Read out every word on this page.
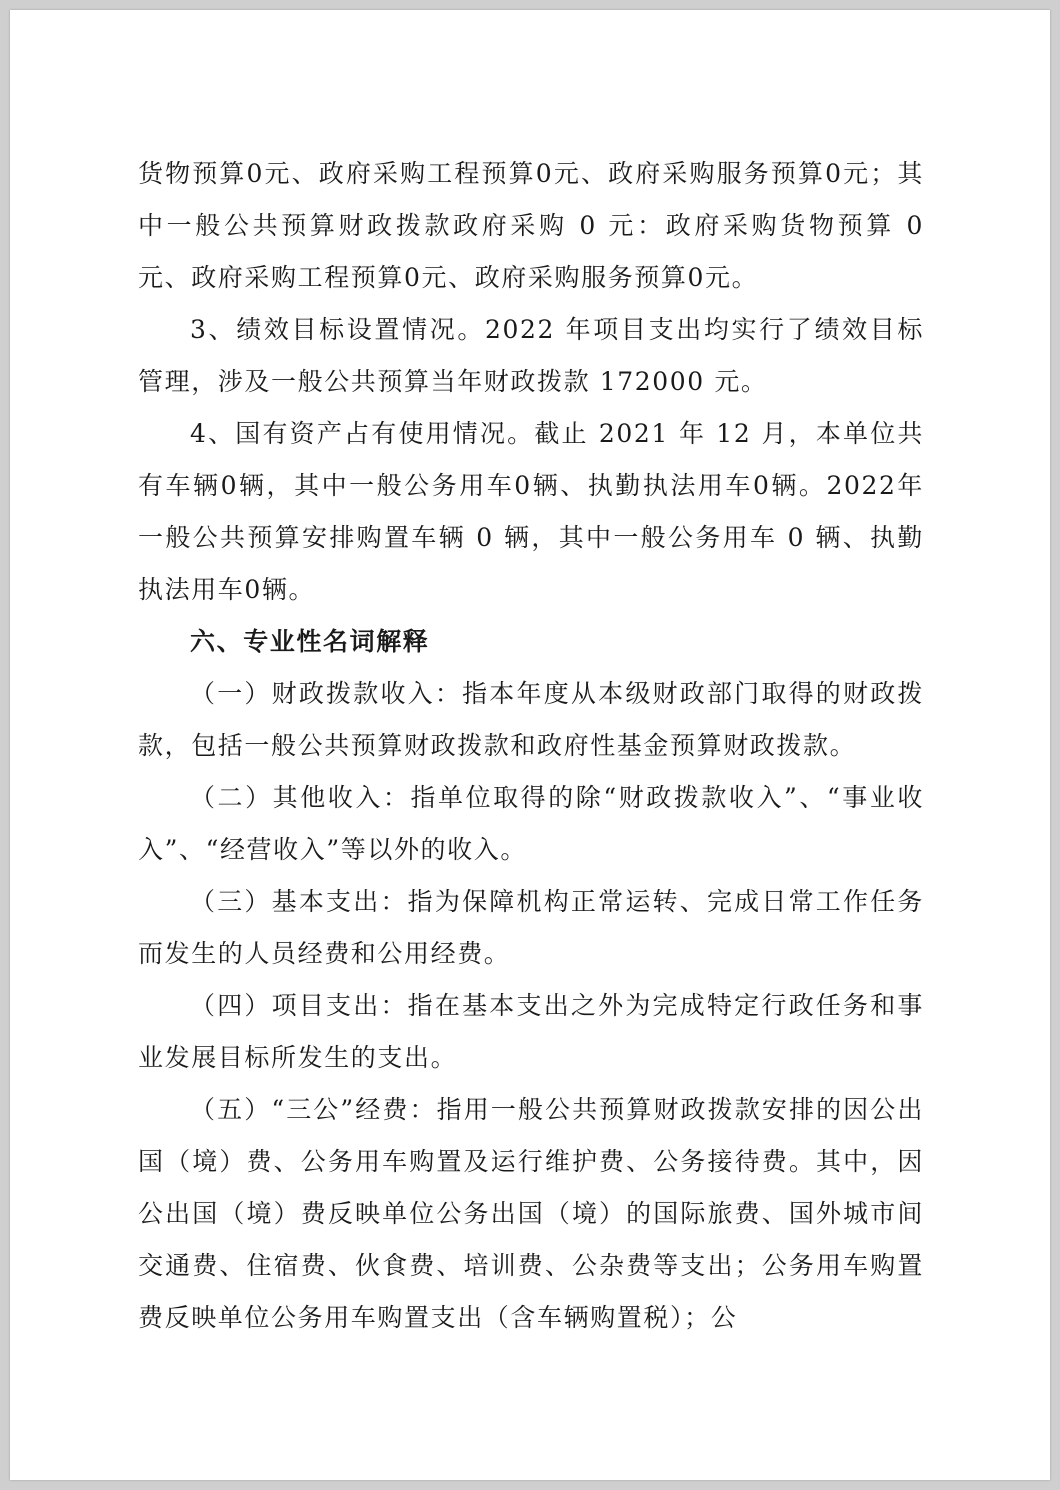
货物预算0元、政府采购工程预算0元、政府采购服务预算0元；其中一般公共预算财政拨款政府采购 0 元：政府采购货物预算 0 元、政府采购工程预算0元、政府采购服务预算0元。

3、绩效目标设置情况。2022 年项目支出均实行了绩效目标管理，涉及一般公共预算当年财政拨款 172000 元。

4、国有资产占有使用情况。截止 2021 年 12 月，本单位共有车辆0辆，其中一般公务用车0辆、执勤执法用车0辆。2022年一般公共预算安排购置车辆 0 辆，其中一般公务用车 0 辆、执勤执法用车0辆。

六、专业性名词解释

（一）财政拨款收入：指本年度从本级财政部门取得的财政拨款，包括一般公共预算财政拨款和政府性基金预算财政拨款。

（二）其他收入：指单位取得的除“财政拨款收入”、“事业收入”、“经营收入”等以外的收入。

（三）基本支出：指为保障机构正常运转、完成日常工作任务而发生的人员经费和公用经费。

（四）项目支出：指在基本支出之外为完成特定行政任务和事业发展目标所发生的支出。

（五）“三公”经费：指用一般公共预算财政拨款安排的因公出国（境）费、公务用车购置及运行维护费、公务接待费。其中，因公出国（境）费反映单位公务出国（境）的国际旅费、国外城市间交通费、住宿费、伙食费、培训费、公杂费等支出；公务用车购置费反映单位公务用车购置支出（含车辆购置税）；公
